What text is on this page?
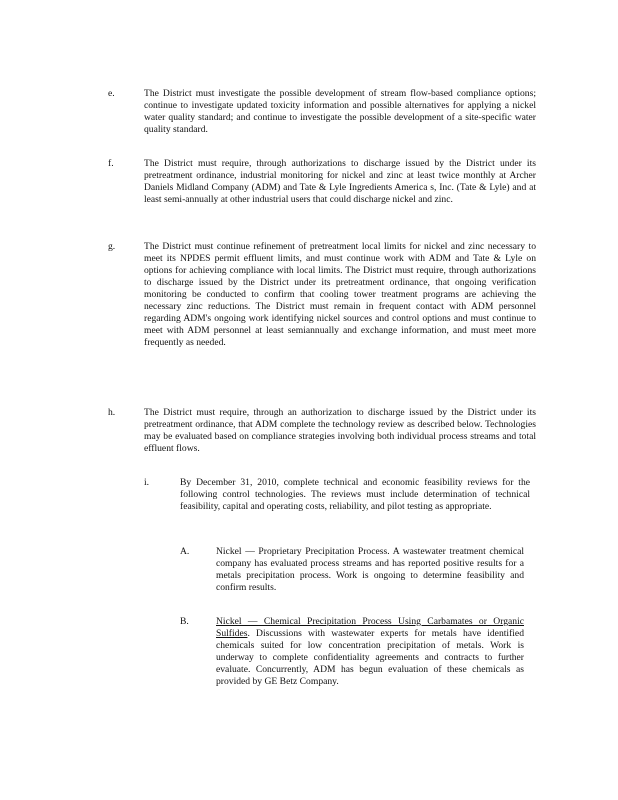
e.	The District must investigate the possible development of stream flow-based compliance options; continue to investigate updated toxicity information and possible alternatives for applying a nickel water quality standard; and continue to investigate the possible development of a site-specific water quality standard.
f.	The District must require, through authorizations to discharge issued by the District under its pretreatment ordinance, industrial monitoring for nickel and zinc at least twice monthly at Archer Daniels Midland Company (ADM) and Tate & Lyle Ingredients America s, Inc. (Tate & Lyle) and at least semi-annually at other industrial users that could discharge nickel and zinc.
g.	The District must continue refinement of pretreatment local limits for nickel and zinc necessary to meet its NPDES permit effluent limits, and must continue work with ADM and Tate & Lyle on options for achieving compliance with local limits. The District must require, through authorizations to discharge issued by the District under its pretreatment ordinance, that ongoing verification monitoring be conducted to confirm that cooling tower treatment programs are achieving the necessary zinc reductions. The District must remain in frequent contact with ADM personnel regarding ADM's ongoing work identifying nickel sources and control options and must continue to meet with ADM personnel at least semiannually and exchange information, and must meet more frequently as needed.
h.	The District must require, through an authorization to discharge issued by the District under its pretreatment ordinance, that ADM complete the technology review as described below. Technologies may be evaluated based on compliance strategies involving both individual process streams and total effluent flows.
i.	By December 31, 2010, complete technical and economic feasibility reviews for the following control technologies. The reviews must include determination of technical feasibility, capital and operating costs, reliability, and pilot testing as appropriate.
A.	Nickel — Proprietary Precipitation Process. A wastewater treatment chemical company has evaluated process streams and has reported positive results for a metals precipitation process. Work is ongoing to determine feasibility and confirm results.
B.	Nickel — Chemical Precipitation Process Using Carbamates or Organic Sulfides. Discussions with wastewater experts for metals have identified chemicals suited for low concentration precipitation of metals. Work is underway to complete confidentiality agreements and contracts to further evaluate. Concurrently, ADM has begun evaluation of these chemicals as provided by GE Betz Company.
